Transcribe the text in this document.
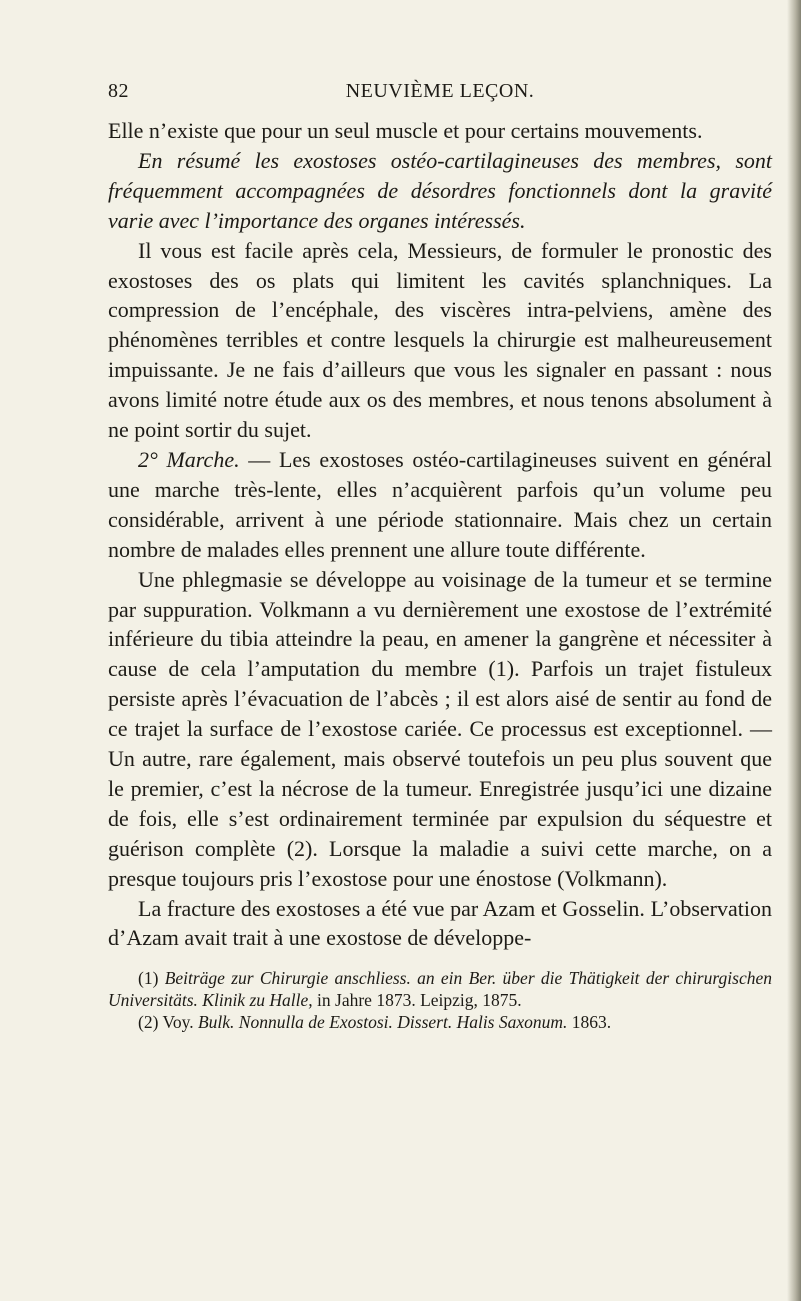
82	NEUVIÈME LEÇON.

Elle n’existe que pour un seul muscle et pour certains mouvements.

En résumé les exostoses ostéo-cartilagineuses des membres, sont fréquemment accompagnées de désordres fonctionnels dont la gravité varie avec l’importance des organes intéressés.

Il vous est facile après cela, Messieurs, de formuler le pronostic des exostoses des os plats qui limitent les cavités splanchniques. La compression de l’encéphale, des viscères intra-pelviens, amène des phénomènes terribles et contre lesquels la chirurgie est malheureusement impuissante. Je ne fais d’ailleurs que vous les signaler en passant : nous avons limité notre étude aux os des membres, et nous tenons absolument à ne point sortir du sujet.

2° Marche. — Les exostoses ostéo-cartilagineuses suivent en général une marche très-lente, elles n’acquièrent parfois qu’un volume peu considérable, arrivent à une période stationnaire. Mais chez un certain nombre de malades elles prennent une allure toute différente.

Une phlegmasie se développe au voisinage de la tumeur et se termine par suppuration. Volkmann a vu dernièrement une exostose de l’extrémité inférieure du tibia atteindre la peau, en amener la gangrène et nécessiter à cause de cela l’amputation du membre (1). Parfois un trajet fistuleux persiste après l’évacuation de l’abcès ; il est alors aisé de sentir au fond de ce trajet la surface de l’exostose cariée. Ce processus est exceptionnel. — Un autre, rare également, mais observé toutefois un peu plus souvent que le premier, c’est la nécrose de la tumeur. Enregistrée jusqu’ici une dizaine de fois, elle s’est ordinairement terminée par expulsion du séquestre et guérison complète (2). Lorsque la maladie a suivi cette marche, on a presque toujours pris l’exostose pour une énostose (Volkmann).

La fracture des exostoses a été vue par Azam et Gosselin. L’observation d’Azam avait trait à une exostose de développe-

(1) Beiträge zur Chirurgie anschliess. an ein Ber. über die Thätigkeit der chirurgischen Universitäts. Klinik zu Halle, in Jahre 1873. Leipzig, 1875.

(2) Voy. Bulk. Nonnulla de Exostosi. Dissert. Halis Saxonum. 1863.
